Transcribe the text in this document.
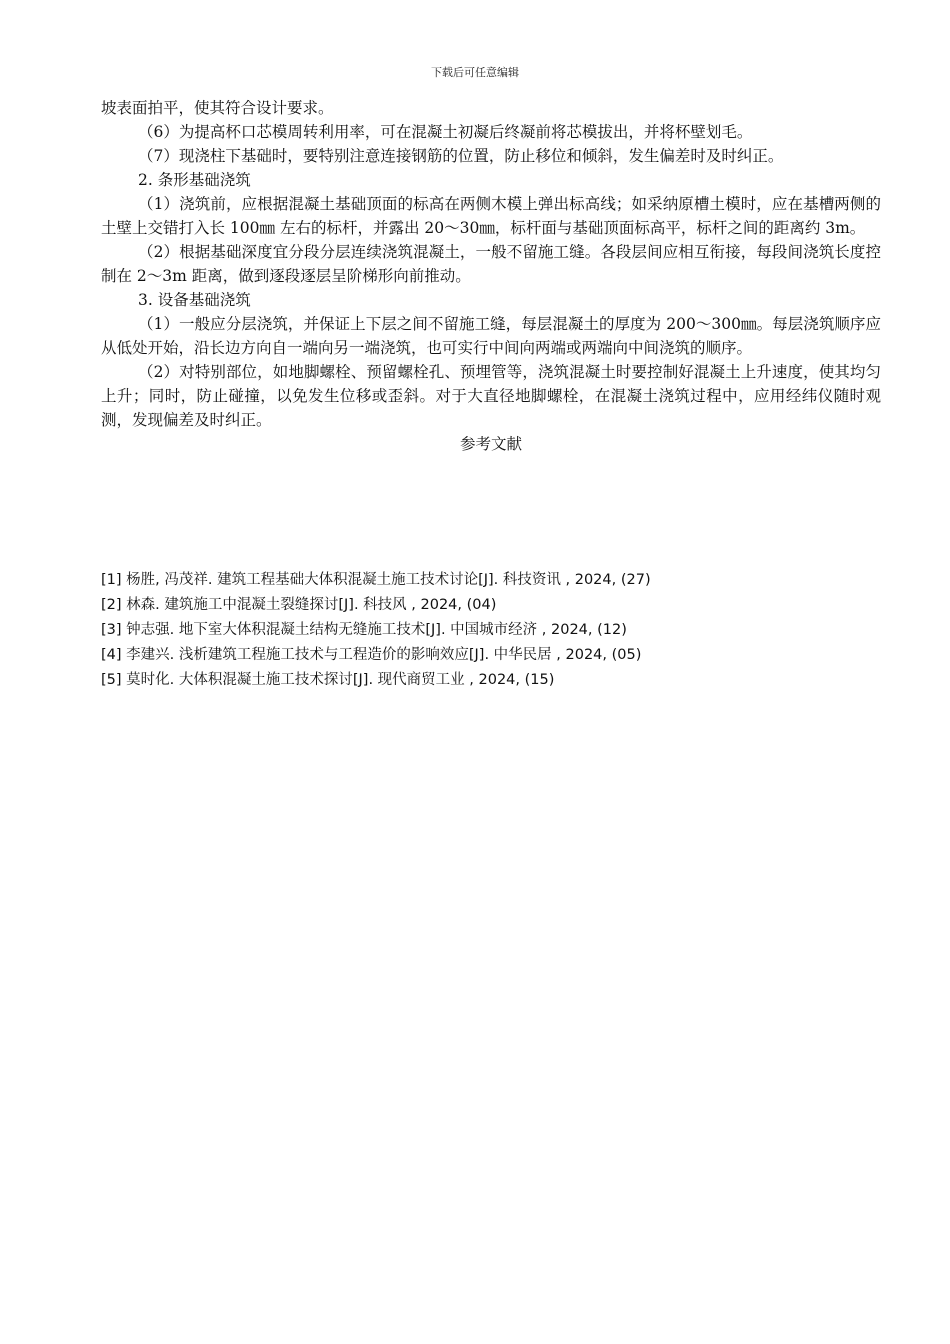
下载后可任意编辑

坡表面拍平，使其符合设计要求。

（6）为提高杯口芯模周转利用率，可在混凝土初凝后终凝前将芯模拔出，并将杯壁划毛。

（7）现浇柱下基础时，要特别注意连接钢筋的位置，防止移位和倾斜，发生偏差时及时纠正。

2. 条形基础浇筑

（1）浇筑前，应根据混凝土基础顶面的标高在两侧木模上弹出标高线；如采纳原槽土模时，应在基槽两侧的土壁上交错打入长 100㎜ 左右的标杆，并露出 20～30㎜，标杆面与基础顶面标高平，标杆之间的距离约 3m。

（2）根据基础深度宜分段分层连续浇筑混凝土，一般不留施工缝。各段层间应相互衔接，每段间浇筑长度控制在 2～3m 距离，做到逐段逐层呈阶梯形向前推动。

3. 设备基础浇筑

（1）一般应分层浇筑，并保证上下层之间不留施工缝，每层混凝土的厚度为 200～300㎜。每层浇筑顺序应从低处开始，沿长边方向自一端向另一端浇筑，也可实行中间向两端或两端向中间浇筑的顺序。

（2）对特别部位，如地脚螺栓、预留螺栓孔、预埋管等，浇筑混凝土时要控制好混凝土上升速度，使其均匀上升；同时，防止碰撞，以免发生位移或歪斜。对于大直径地脚螺栓，在混凝土浇筑过程中，应用经纬仪随时观测，发现偏差及时纠正。

参考文献

[1] 杨胜, 冯茂祥. 建筑工程基础大体积混凝土施工技术讨论[J]. 科技资讯 , 2024, (27)
[2] 林森. 建筑施工中混凝土裂缝探讨[J]. 科技风 , 2024, (04)
[3] 钟志强. 地下室大体积混凝土结构无缝施工技术[J]. 中国城市经济 , 2024, (12)
[4] 李建兴. 浅析建筑工程施工技术与工程造价的影响效应[J]. 中华民居 , 2024, (05)
[5] 莫时化. 大体积混凝土施工技术探讨[J]. 现代商贸工业 , 2024, (15)
